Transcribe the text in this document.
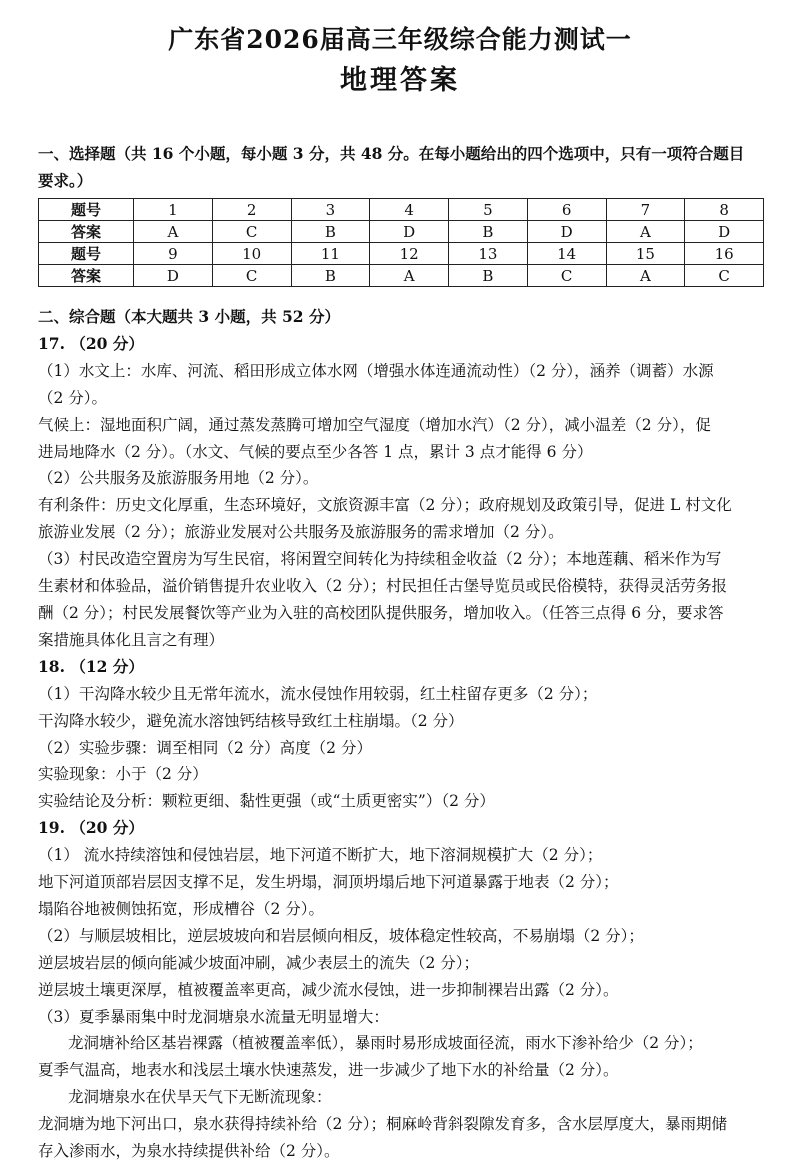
广东省2026届高三年级综合能力测试一
地理答案
一、选择题（共 16 个小题，每小题 3 分，共 48 分。在每小题给出的四个选项中，只有一项符合题目
要求。）
题号	1	2	3	4	5	6	7	8
答案	A	C	B	D	B	D	A	D
题号	9	10	11	12	13	14	15	16
答案	D	C	B	A	B	C	A	C

二、综合题（本大题共 3 小题，共 52 分）

17. （20 分）

（1）水文上：水库、河流、稻田形成立体水网（增强水体连通流动性）（2 分），涵养（调蓄）水源

（2 分）。

气候上：湿地面积广阔，通过蒸发蒸腾可增加空气湿度（增加水汽）（2 分），减小温差（2 分），促

进局地降水（2 分）。（水文、气候的要点至少各答 1 点，累计 3 点才能得 6 分）

（2）公共服务及旅游服务用地（2 分）。

有利条件：历史文化厚重，生态环境好，文旅资源丰富（2 分）；政府规划及政策引导，促进 L 村文化

旅游业发展（2 分）；旅游业发展对公共服务及旅游服务的需求增加（2 分）。

（3）村民改造空置房为写生民宿，将闲置空间转化为持续租金收益（2 分）；本地莲藕、稻米作为写

生素材和体验品，溢价销售提升农业收入（2 分）；村民担任古堡导览员或民俗模特，获得灵活劳务报

酬（2 分）；村民发展餐饮等产业为入驻的高校团队提供服务，增加收入。（任答三点得 6 分，要求答

案措施具体化且言之有理）

18. （12 分）

（1）干沟降水较少且无常年流水，流水侵蚀作用较弱，红土柱留存更多（2 分）；

干沟降水较少，避免流水溶蚀钙结核导致红土柱崩塌。（2 分）

（2）实验步骤：调至相同（2 分）高度（2 分）

实验现象：小于（2 分）

实验结论及分析：颗粒更细、黏性更强（或“土质更密实”）（2 分）

19. （20 分）

（1） 流水持续溶蚀和侵蚀岩层，地下河道不断扩大，地下溶洞规模扩大（2 分）；

地下河道顶部岩层因支撑不足，发生坍塌，洞顶坍塌后地下河道暴露于地表（2 分）；

塌陷谷地被侧蚀拓宽，形成槽谷（2 分）。

（2）与顺层坡相比，逆层坡坡向和岩层倾向相反，坡体稳定性较高，不易崩塌（2 分）；

逆层坡岩层的倾向能减少坡面冲刷，减少表层土的流失（2 分）；

逆层坡土壤更深厚，植被覆盖率更高，减少流水侵蚀，进一步抑制裸岩出露（2 分）。

（3）夏季暴雨集中时龙洞塘泉水流量无明显增大：

龙洞塘补给区基岩裸露（植被覆盖率低），暴雨时易形成坡面径流，雨水下渗补给少（2 分）；

夏季气温高，地表水和浅层土壤水快速蒸发，进一步减少了地下水的补给量（2 分）。

龙洞塘泉水在伏旱天气下无断流现象：

龙洞塘为地下河出口，泉水获得持续补给（2 分）；桐麻岭背斜裂隙发育多，含水层厚度大，暴雨期储

存入渗雨水，为泉水持续提供补给（2 分）。
